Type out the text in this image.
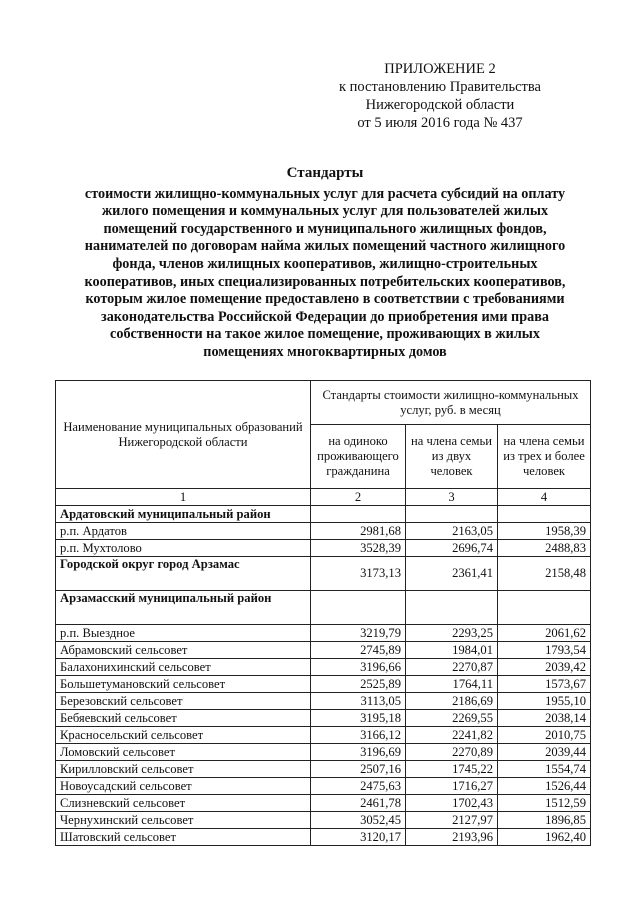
ПРИЛОЖЕНИЕ 2
к постановлению Правительства
Нижегородской области
от 5 июля 2016 года № 437
Стандарты
стоимости жилищно-коммунальных услуг для расчета субсидий на оплату
жилого помещения и коммунальных услуг для пользователей жилых
помещений государственного и муниципального жилищных фондов,
нанимателей по договорам найма жилых помещений частного жилищного
фонда, членов жилищных кооперативов, жилищно-строительных
кооперативов, иных специализированных потребительских кооперативов,
которым жилое помещение предоставлено в соответствии с требованиями
законодательства Российской Федерации до приобретения ими права
собственности на такое жилое помещение, проживающих в жилых
помещениях многоквартирных домов
Наименование муниципальных образований Нижегородской области	Стандарты стоимости жилищно-коммунальных услуг, руб. в месяц		
	на одиноко проживающего гражданина	на члена семьи из двух человек	на члена семьи из трех и более человек
1	2	3	4
Ардатовский муниципальный район			
р.п. Ардатов	2981,68	2163,05	1958,39
р.п. Мухтолово	3528,39	2696,74	2488,83
Городской округ город Арзамас	3173,13	2361,41	2158,48
Арзамасский муниципальный район			
р.п. Выездное	3219,79	2293,25	2061,62
Абрамовский сельсовет	2745,89	1984,01	1793,54
Балахонихинский сельсовет	3196,66	2270,87	2039,42
Большетумановский сельсовет	2525,89	1764,11	1573,67
Березовский сельсовет	3113,05	2186,69	1955,10
Бебяевский сельсовет	3195,18	2269,55	2038,14
Красносельский сельсовет	3166,12	2241,82	2010,75
Ломовский сельсовет	3196,69	2270,89	2039,44
Кирилловский сельсовет	2507,16	1745,22	1554,74
Новоусадский сельсовет	2475,63	1716,27	1526,44
Слизневский сельсовет	2461,78	1702,43	1512,59
Чернухинский сельсовет	3052,45	2127,97	1896,85
Шатовский сельсовет	3120,17	2193,96	1962,40
